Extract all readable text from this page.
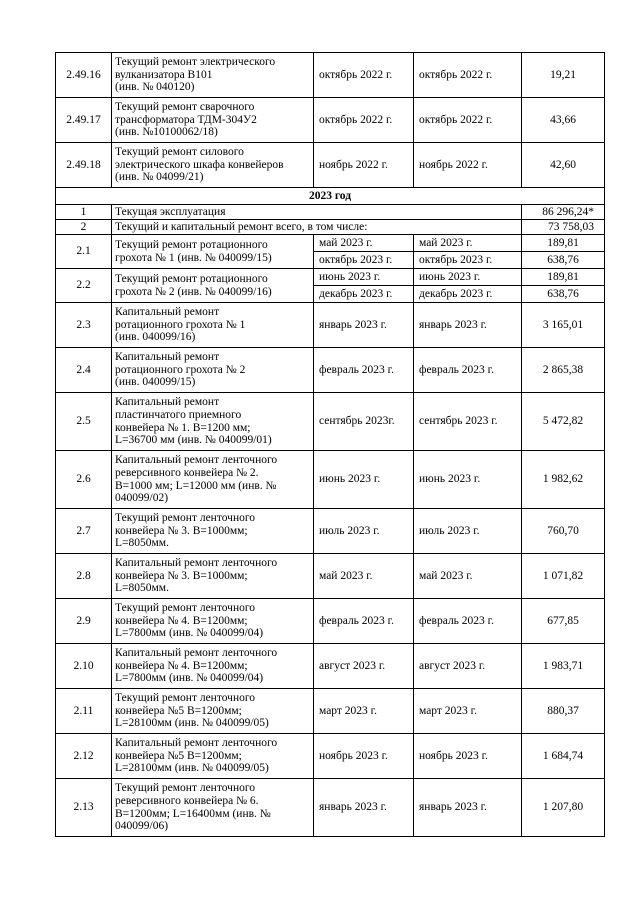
2.49.16	Текущий ремонт электрического
вулканизатора В101
(инв. № 040120)	октябрь 2022 г.	октябрь 2022 г.	19,21
2.49.17	Текущий ремонт сварочного
трансформатора ТДМ-304У2
(инв. №10100062/18)	октябрь 2022 г.	октябрь 2022 г.	43,66
2.49.18	Текущий ремонт силового
электрического шкафа конвейеров
(инв. № 04099/21)	ноябрь 2022 г.	ноябрь 2022 г.	42,60
2023 год				
1	Текущая эксплуатация			86 296,24*
2	Текущий и капитальный ремонт всего, в том числе:			73 758,03
2.1	Текущий ремонт ротационного
грохота № 1 (инв. № 040099/15)	май 2023 г.	май 2023 г.	189,81
		октябрь 2023 г.	октябрь 2023 г.	638,76
2.2	Текущий ремонт ротационного
грохота № 2 (инв. № 040099/16)	июнь 2023 г.	июнь 2023 г.	189,81
		декабрь 2023 г.	декабрь 2023 г.	638,76
2.3	Капитальный ремонт
ротационного грохота № 1
(инв. 040099/16)	январь 2023 г.	январь 2023 г.	3 165,01
2.4	Капитальный ремонт
ротационного грохота № 2
(инв. 040099/15)	февраль 2023 г.	февраль 2023 г.	2 865,38
2.5	Капитальный ремонт
пластинчатого приемного
конвейера № 1. B=1200 мм;
L=36700 мм (инв. № 040099/01)	сентябрь 2023г.	сентябрь 2023 г.	5 472,82
2.6	Капитальный ремонт ленточного
реверсивного конвейера № 2.
B=1000 мм; L=12000 мм (инв. №
040099/02)	июнь 2023 г.	июнь 2023 г.	1 982,62
2.7	Текущий ремонт ленточного
конвейера № 3. B=1000мм;
L=8050мм.	июль 2023 г.	июль 2023 г.	760,70
2.8	Капитальный ремонт ленточного
конвейера № 3. B=1000мм;
L=8050мм.	май 2023 г.	май 2023 г.	1 071,82
2.9	Текущий ремонт ленточного
конвейера № 4. B=1200мм;
L=7800мм (инв. № 040099/04)	февраль 2023 г.	февраль 2023 г.	677,85
2.10	Капитальный ремонт ленточного
конвейера № 4. B=1200мм;
L=7800мм (инв. № 040099/04)	август 2023 г.	август 2023 г.	1 983,71
2.11	Текущий ремонт ленточного
конвейера №5 B=1200мм;
L=28100мм (инв. № 040099/05)	март 2023 г.	март 2023 г.	880,37
2.12	Капитальный ремонт ленточного
конвейера №5 B=1200мм;
L=28100мм (инв. № 040099/05)	ноябрь 2023 г.	ноябрь 2023 г.	1 684,74
2.13	Текущий ремонт ленточного
реверсивного конвейера № 6.
B=1200мм; L=16400мм (инв. №
040099/06)	январь 2023 г.	январь 2023 г.	1 207,80
